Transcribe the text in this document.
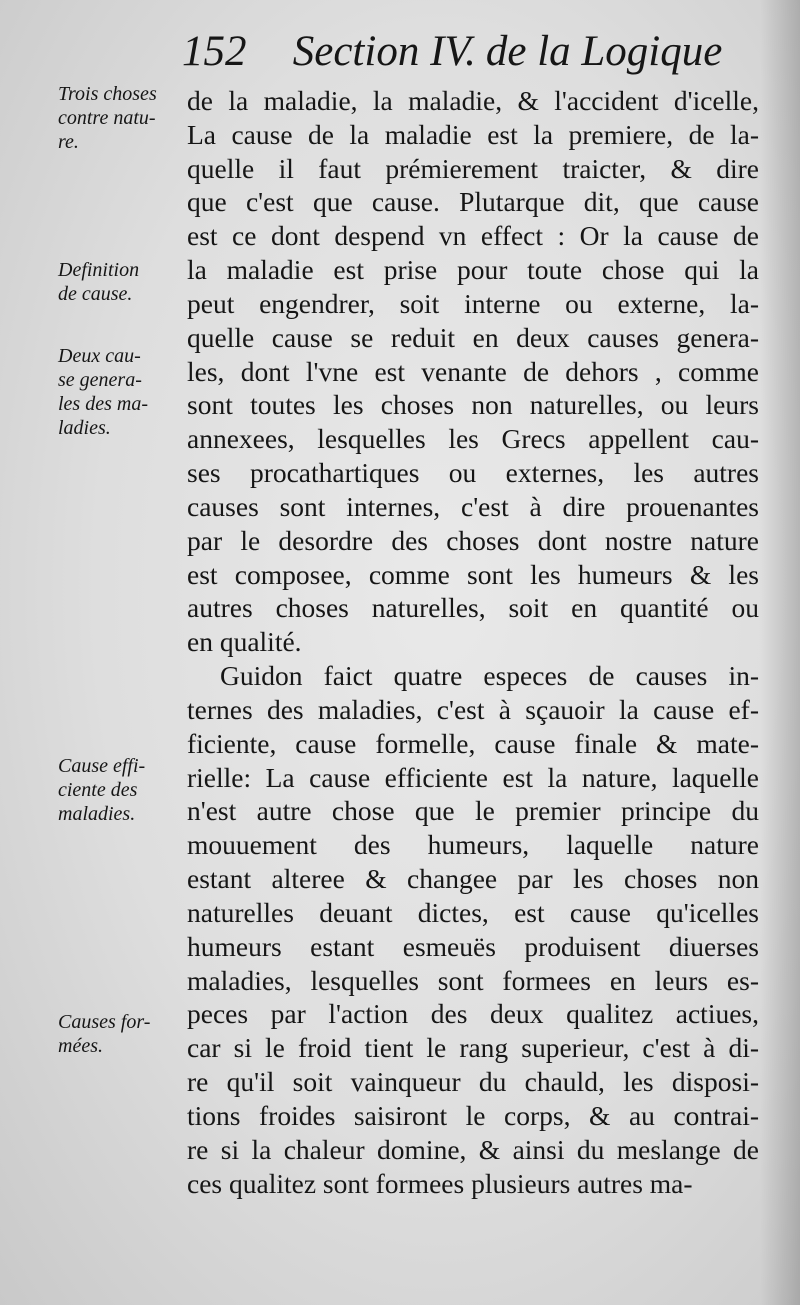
152 Section IV. de la Logique
Trois choses
contre natu-
re.
Definition
de cause.
Deux cau-
se genera-
les des ma-
ladies.
Cause effi-
ciente des
maladies.
Causes for-
mées.
de la maladie, la maladie, & l'accident d'icelle,
La cause de la maladie est la premiere, de la-
quelle il faut prémierement traicter, & dire
que c'est que cause. Plutarque dit, que cause
est ce dont despend vn effect : Or la cause de
la maladie est prise pour toute chose qui la
peut engendrer, soit interne ou externe, la-
quelle cause se reduit en deux causes genera-
les, dont l'vne est venante de dehors , comme
sont toutes les choses non naturelles, ou leurs
annexees, lesquelles les Grecs appellent cau-
ses procathartiques ou externes, les autres
causes sont internes, c'est à dire prouenantes
par le desordre des choses dont nostre nature
est composee, comme sont les humeurs & les
autres choses naturelles, soit en quantité ou
en qualité.
Guidon faict quatre especes de causes in-
ternes des maladies, c'est à sçauoir la cause ef-
ficiente, cause formelle, cause finale & mate-
rielle: La cause efficiente est la nature, laquelle
n'est autre chose que le premier principe du
mouuement des humeurs, laquelle nature
estant alteree & changee par les choses non
naturelles deuant dictes, est cause qu'icelles
humeurs estant esmeuës produisent diuerses
maladies, lesquelles sont formees en leurs es-
peces par l'action des deux qualitez actiues,
car si le froid tient le rang superieur, c'est à di-
re qu'il soit vainqueur du chauld, les disposi-
tions froides saisiront le corps, & au contrai-
re si la chaleur domine, & ainsi du meslange de
ces qualitez sont formees plusieurs autres ma-
